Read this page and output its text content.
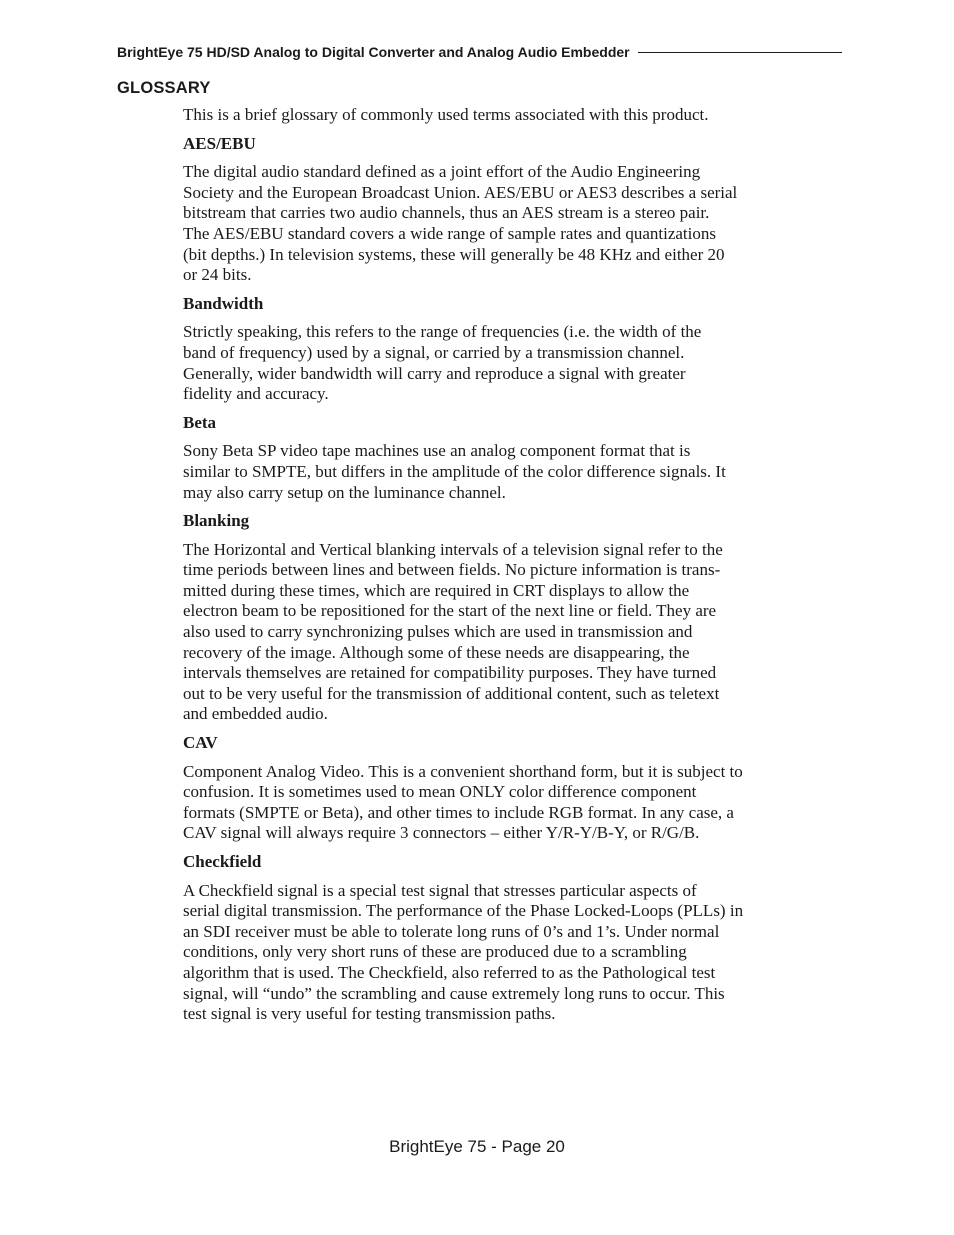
BrightEye 75 HD/SD Analog to Digital Converter and Analog Audio Embedder
GLOSSARY

This is a brief glossary of commonly used terms associated with this product.

AES/EBU

The digital audio standard defined as a joint effort of the Audio Engineering
Society and the European Broadcast Union. AES/EBU or AES3 describes a serial
bitstream that carries two audio channels, thus an AES stream is a stereo pair.
The AES/EBU standard covers a wide range of sample rates and quantizations
(bit depths.) In television systems, these will generally be 48 KHz and either 20
or 24 bits.

Bandwidth

Strictly speaking, this refers to the range of frequencies (i.e. the width of the
band of frequency) used by a signal, or carried by a transmission channel.
Generally, wider bandwidth will carry and reproduce a signal with greater
fidelity and accuracy.

Beta

Sony Beta SP video tape machines use an analog component format that is
similar to SMPTE, but differs in the amplitude of the color difference signals. It
may also carry setup on the luminance channel.

Blanking

The Horizontal and Vertical blanking intervals of a television signal refer to the
time periods between lines and between fields. No picture information is trans-
mitted during these times, which are required in CRT displays to allow the
electron beam to be repositioned for the start of the next line or field. They are
also used to carry synchronizing pulses which are used in transmission and
recovery of the image. Although some of these needs are disappearing, the
intervals themselves are retained for compatibility purposes. They have turned
out to be very useful for the transmission of additional content, such as teletext
and embedded audio.

CAV

Component Analog Video. This is a convenient shorthand form, but it is subject to
confusion. It is sometimes used to mean ONLY color difference component
formats (SMPTE or Beta), and other times to include RGB format. In any case, a
CAV signal will always require 3 connectors – either Y/R-Y/B-Y, or R/G/B.

Checkfield

A Checkfield signal is a special test signal that stresses particular aspects of
serial digital transmission. The performance of the Phase Locked-Loops (PLLs) in
an SDI receiver must be able to tolerate long runs of 0’s and 1’s. Under normal
conditions, only very short runs of these are produced due to a scrambling
algorithm that is used. The Checkfield, also referred to as the Pathological test
signal, will “undo” the scrambling and cause extremely long runs to occur. This
test signal is very useful for testing transmission paths.

BrightEye 75 - Page 20
